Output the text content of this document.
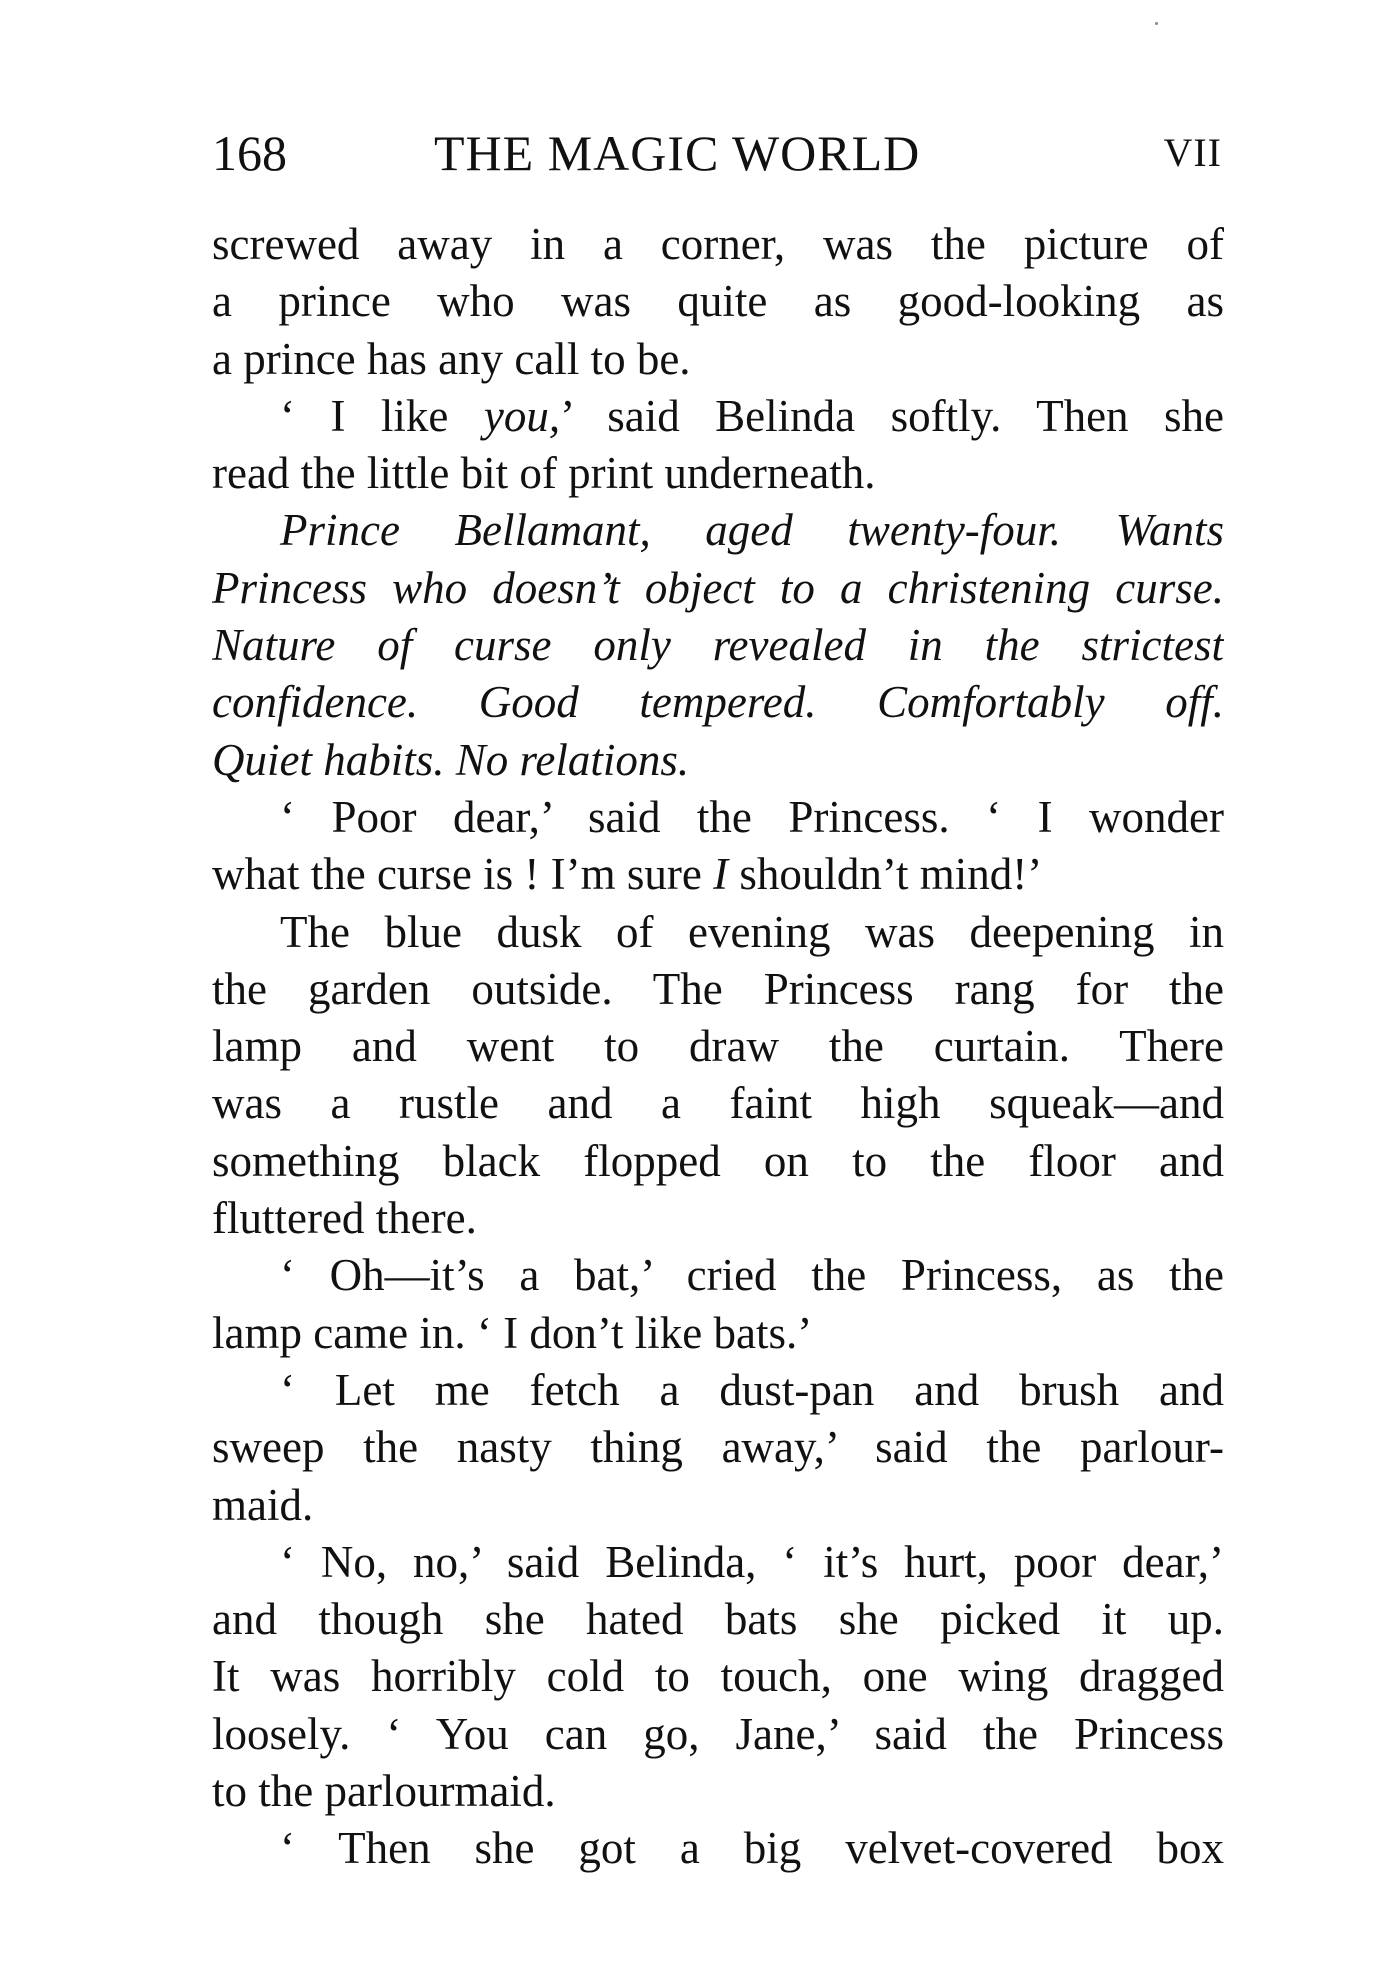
168	THE MAGIC WORLD	VII
screwed away in a corner, was the picture of
a prince who was quite as good-looking as
a prince has any call to be.
‘ I like you,’ said Belinda softly. Then she
read the little bit of print underneath.
Prince Bellamant, aged twenty-four. Wants
Princess who doesn’t object to a christening curse.
Nature of curse only revealed in the strictest
confidence. Good tempered. Comfortably off.
Quiet habits. No relations.
‘ Poor dear,’ said the Princess. ‘ I wonder
what the curse is ! I’m sure I shouldn’t mind!’
The blue dusk of evening was deepening in
the garden outside. The Princess rang for the
lamp and went to draw the curtain. There
was a rustle and a faint high squeak—and
something black flopped on to the floor and
fluttered there.
‘ Oh—it’s a bat,’ cried the Princess, as the
lamp came in. ‘ I don’t like bats.’
‘ Let me fetch a dust-pan and brush and
sweep the nasty thing away,’ said the parlour-
maid.
‘ No, no,’ said Belinda, ‘ it’s hurt, poor dear,’
and though she hated bats she picked it up.
It was horribly cold to touch, one wing dragged
loosely. ‘ You can go, Jane,’ said the Princess
to the parlourmaid.
‘ Then she got a big velvet-covered box
